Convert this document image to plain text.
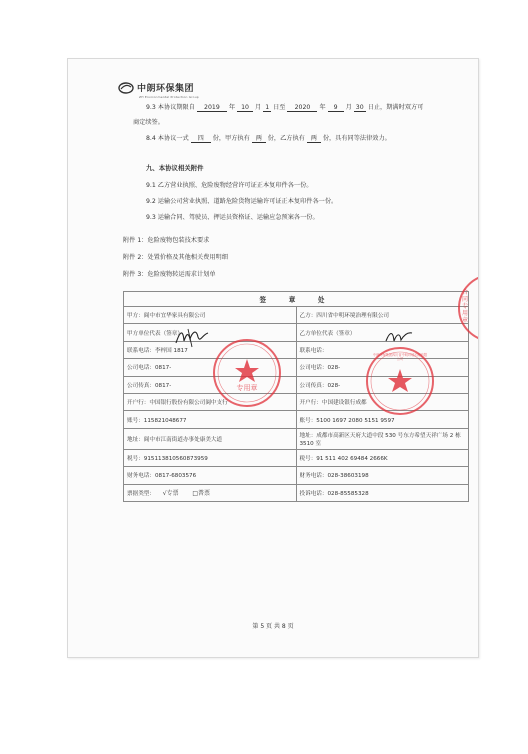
中朗环保集团
ZH Environmental Protection Group
9.3 本协议期限自 2019 年 10 月 1 日至 2020 年 9 月 30 日止，期满时双方可
商定续签。
8.4 本协议一式 四 份，甲方执有 两 份，乙方执有 两 份，具有同等法律效力。
九、本协议相关附件
9.1 乙方营业执照、危险废物经营许可证正本复印件各一份。
9.2 运输公司营业执照、道路危险货物运输许可证正本复印件各一份。
9.3 运输合同、驾驶员、押运员资格证、运输应急预案各一份。
附件 1：危险废物包装技术要求
附件 2：处置价格及其他相关费用明细
附件 3：危险废物转运需求计划单
签　章　处	
甲方：阆中市宜华家具有限公司	乙方：四川省中明环境治理有限公司
甲方单位代表（签章）	乙方单位代表（签章）
联系电话：李梓国 1817	联系电话：
公司电话：0817-	公司电话：028-
公司传真：0817-	公司传真：028-
开户行：中国银行股份有限公司阆中支行	开户行：中国建设银行成都
账号：115821048677	账号：5100 1697 2080 5151 9597
地址：阆中市江南街道办事处康美大道	地址：成都市高新区天府大道中段 530 号东方希望天祥广场 2 栋 3510 室
税号：915113810560873959	税号：91 511 402 69484 2666K
财务电话：0817-6803576	财务电话：028-38603198
票据类型： √专票 □普票	投诉电话：028-85585328
专用章
中朗环保集团四川省中明环境治理有限公司
合同专用章
第 5 页 共 8 页
